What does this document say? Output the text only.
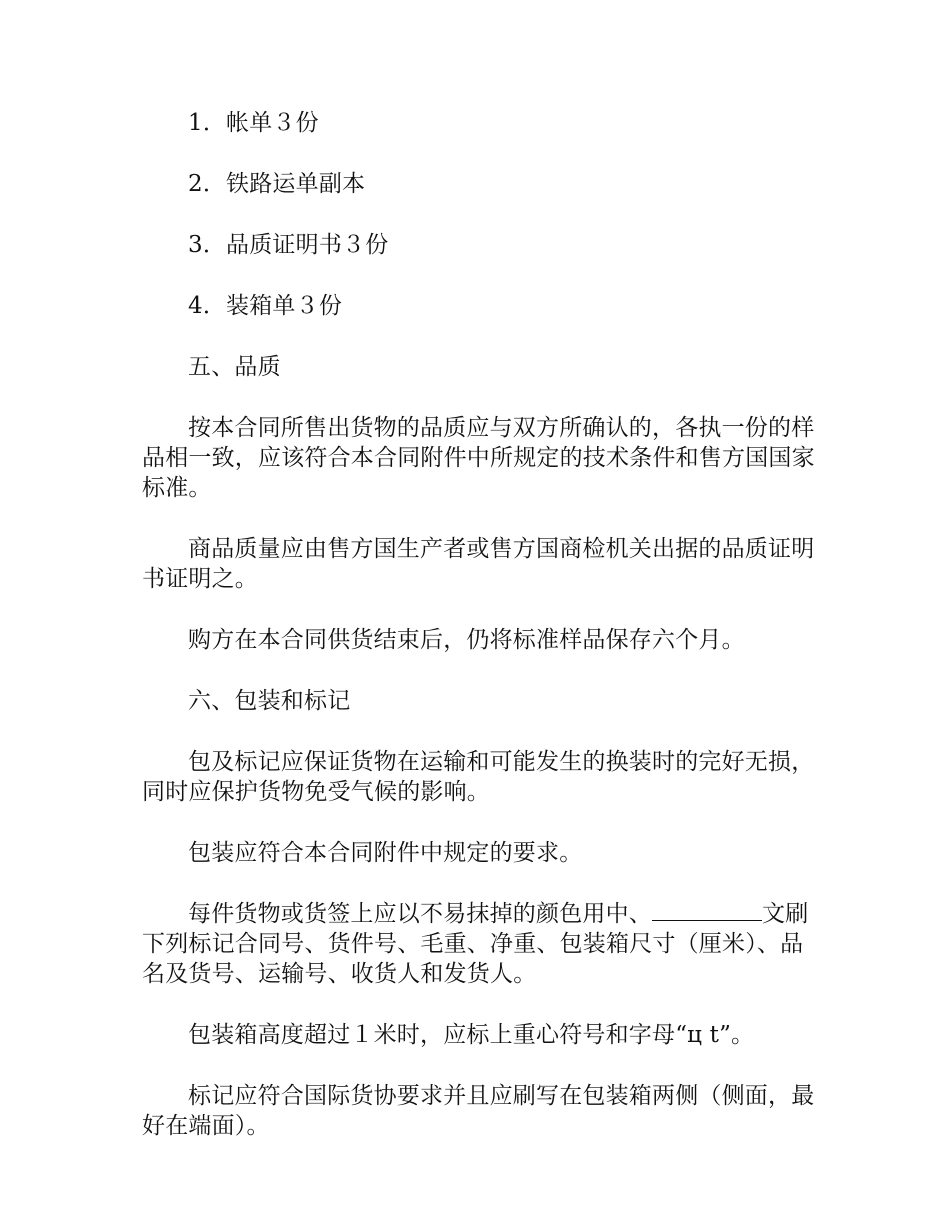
1．帐单３份

2．铁路运单副本

3．品质证明书３份

4．装箱单３份

五、品质

按本合同所售出货物的品质应与双方所确认的，各执一份的样品相一致，应该符合本合同附件中所规定的技术条件和售方国国家标准。

商品质量应由售方国生产者或售方国商检机关出据的品质证明书证明之。

购方在本合同供货结束后，仍将标准样品保存六个月。

六、包装和标记

包及标记应保证货物在运输和可能发生的换装时的完好无损，同时应保护货物免受气候的影响。

包装应符合本合同附件中规定的要求。

每件货物或货签上应以不易抹掉的颜色用中、	文刷下列标记合同号、货件号、毛重、净重、包装箱尺寸（厘米）、品名及货号、运输号、收货人和发货人。

包装箱高度超过１米时，应标上重心符号和字母“ц t”。

标记应符合国际货协要求并且应刷写在包装箱两侧（侧面，最好在端面）。
